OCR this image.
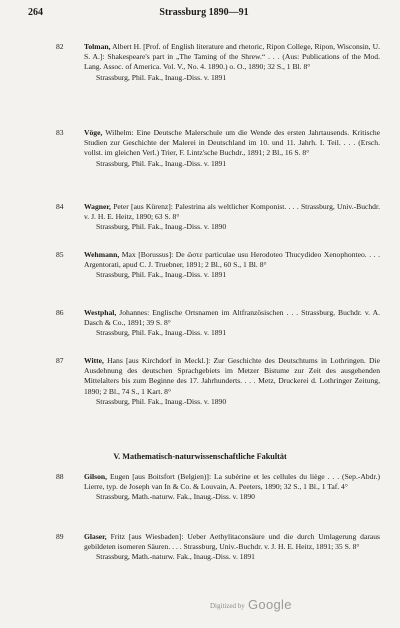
264	Strassburg 1890—91
82	Tolman, Albert H. [Prof. of English literature and rhetoric, Ripon College, Ripon, Wisconsin, U. S. A.]: Shakespeare's part in „The Taming of the Shrew.“ . . . (Aus: Publications of the Mod. Lang. Assoc. of America. Vol. V., No. 4. 1890.) o. O., 1890; 32 S., 1 Bl. 8°
Strassburg, Phil. Fak., Inaug.-Diss. v. 1891
83	Vöge, Wilhelm: Eine Deutsche Malerschule um die Wende des ersten Jahrtausends. Kritische Studien zur Geschichte der Malerei in Deutschland im 10. und 11. Jahrh. I. Teil. . . . (Ersch. vollst. im gleichen Verl.) Trier, F. Lintz'sche Buchdr., 1891; 2 Bl., 16 S. 8°
Strassburg, Phil. Fak., Inaug.-Diss. v. 1891
84	Wagner, Peter [aus Kürenz]: Palestrina als weltlicher Komponist. . . . Strassburg, Univ.-Buchdr. v. J. H. E. Heitz, 1890; 63 S. 8°
Strassburg, Phil. Fak., Inaug.-Diss. v. 1890
85	Wehmann, Max [Borussus]: De ὥστε particulae usu Herodoteo Thucydideo Xenophonteo. . . . Argentorati, apud C. J. Truebner, 1891; 2 Bl., 60 S., 1 Bl. 8°
Strassburg, Phil. Fak., Inaug.-Diss. v. 1891
86	Westphal, Johannes: Englische Ortsnamen im Altfranzösischen . . . Strassburg, Buchdr. v. A. Dasch & Co., 1891; 39 S. 8°
Strassburg, Phil. Fak., Inaug.-Diss. v. 1891
87	Witte, Hans [aus Kirchdorf in Meckl.]: Zur Geschichte des Deutschtums in Lothringen. Die Ausdehnung des deutschen Sprachgebiets im Metzer Bistume zur Zeit des ausgehenden Mittelalters bis zum Beginne des 17. Jahrhunderts. . . . Metz, Druckerei d. Lothringer Zeitung, 1890; 2 Bl., 74 S., 1 Kart. 8°
Strassburg, Phil. Fak., Inaug.-Diss. v. 1890
V. Mathematisch-naturwissenschaftliche Fakultät
88	Gilson, Eugen [aus Boitsfort (Belgien)]: La subérine et les cellules du liège . . . (Sep.-Abdr.) Lierre, typ. de Joseph van In & Co. & Louvain, A. Peeters, 1890; 32 S., 1 Bl., 1 Taf. 4°
Strassburg, Math.-naturw. Fak., Inaug.-Diss. v. 1890
89	Glaser, Fritz [aus Wiesbaden]: Ueber Aethylitaconsäure und die durch Umlagerung daraus gebildeten isomeren Säuren. . . . Strassburg, Univ.-Buchdr. v. J. H. E. Heitz, 1891; 35 S. 8°
Strassburg, Math.-naturw. Fak., Inaug.-Diss. v. 1891
Digitized by Google
